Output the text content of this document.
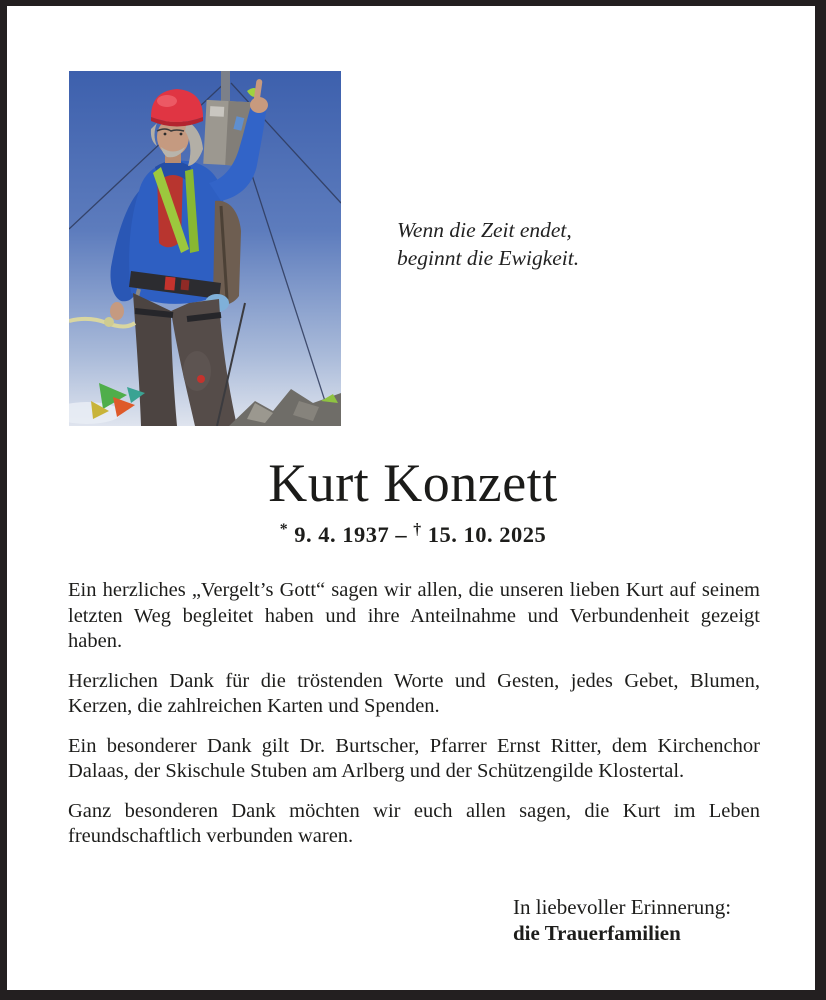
Wenn die Zeit endet,
beginnt die Ewigkeit.
Kurt Konzett
* 9. 4. 1937 – † 15. 10. 2025

Ein herzliches „Vergelt’s Gott“ sagen wir allen, die unseren lieben Kurt auf seinem letzten Weg begleitet haben und ihre Anteilnahme und Verbundenheit gezeigt haben.

Herzlichen Dank für die tröstenden Worte und Gesten, jedes Gebet, Blumen, Kerzen, die zahlreichen Karten und Spenden.

Ein besonderer Dank gilt Dr. Burtscher, Pfarrer Ernst Ritter, dem Kirchenchor Dalaas, der Skischule Stuben am Arlberg und der Schützengilde Klostertal.

Ganz besonderen Dank möchten wir euch allen sagen, die Kurt im Leben freundschaftlich verbunden waren.

In liebevoller Erinnerung:
die Trauerfamilien
